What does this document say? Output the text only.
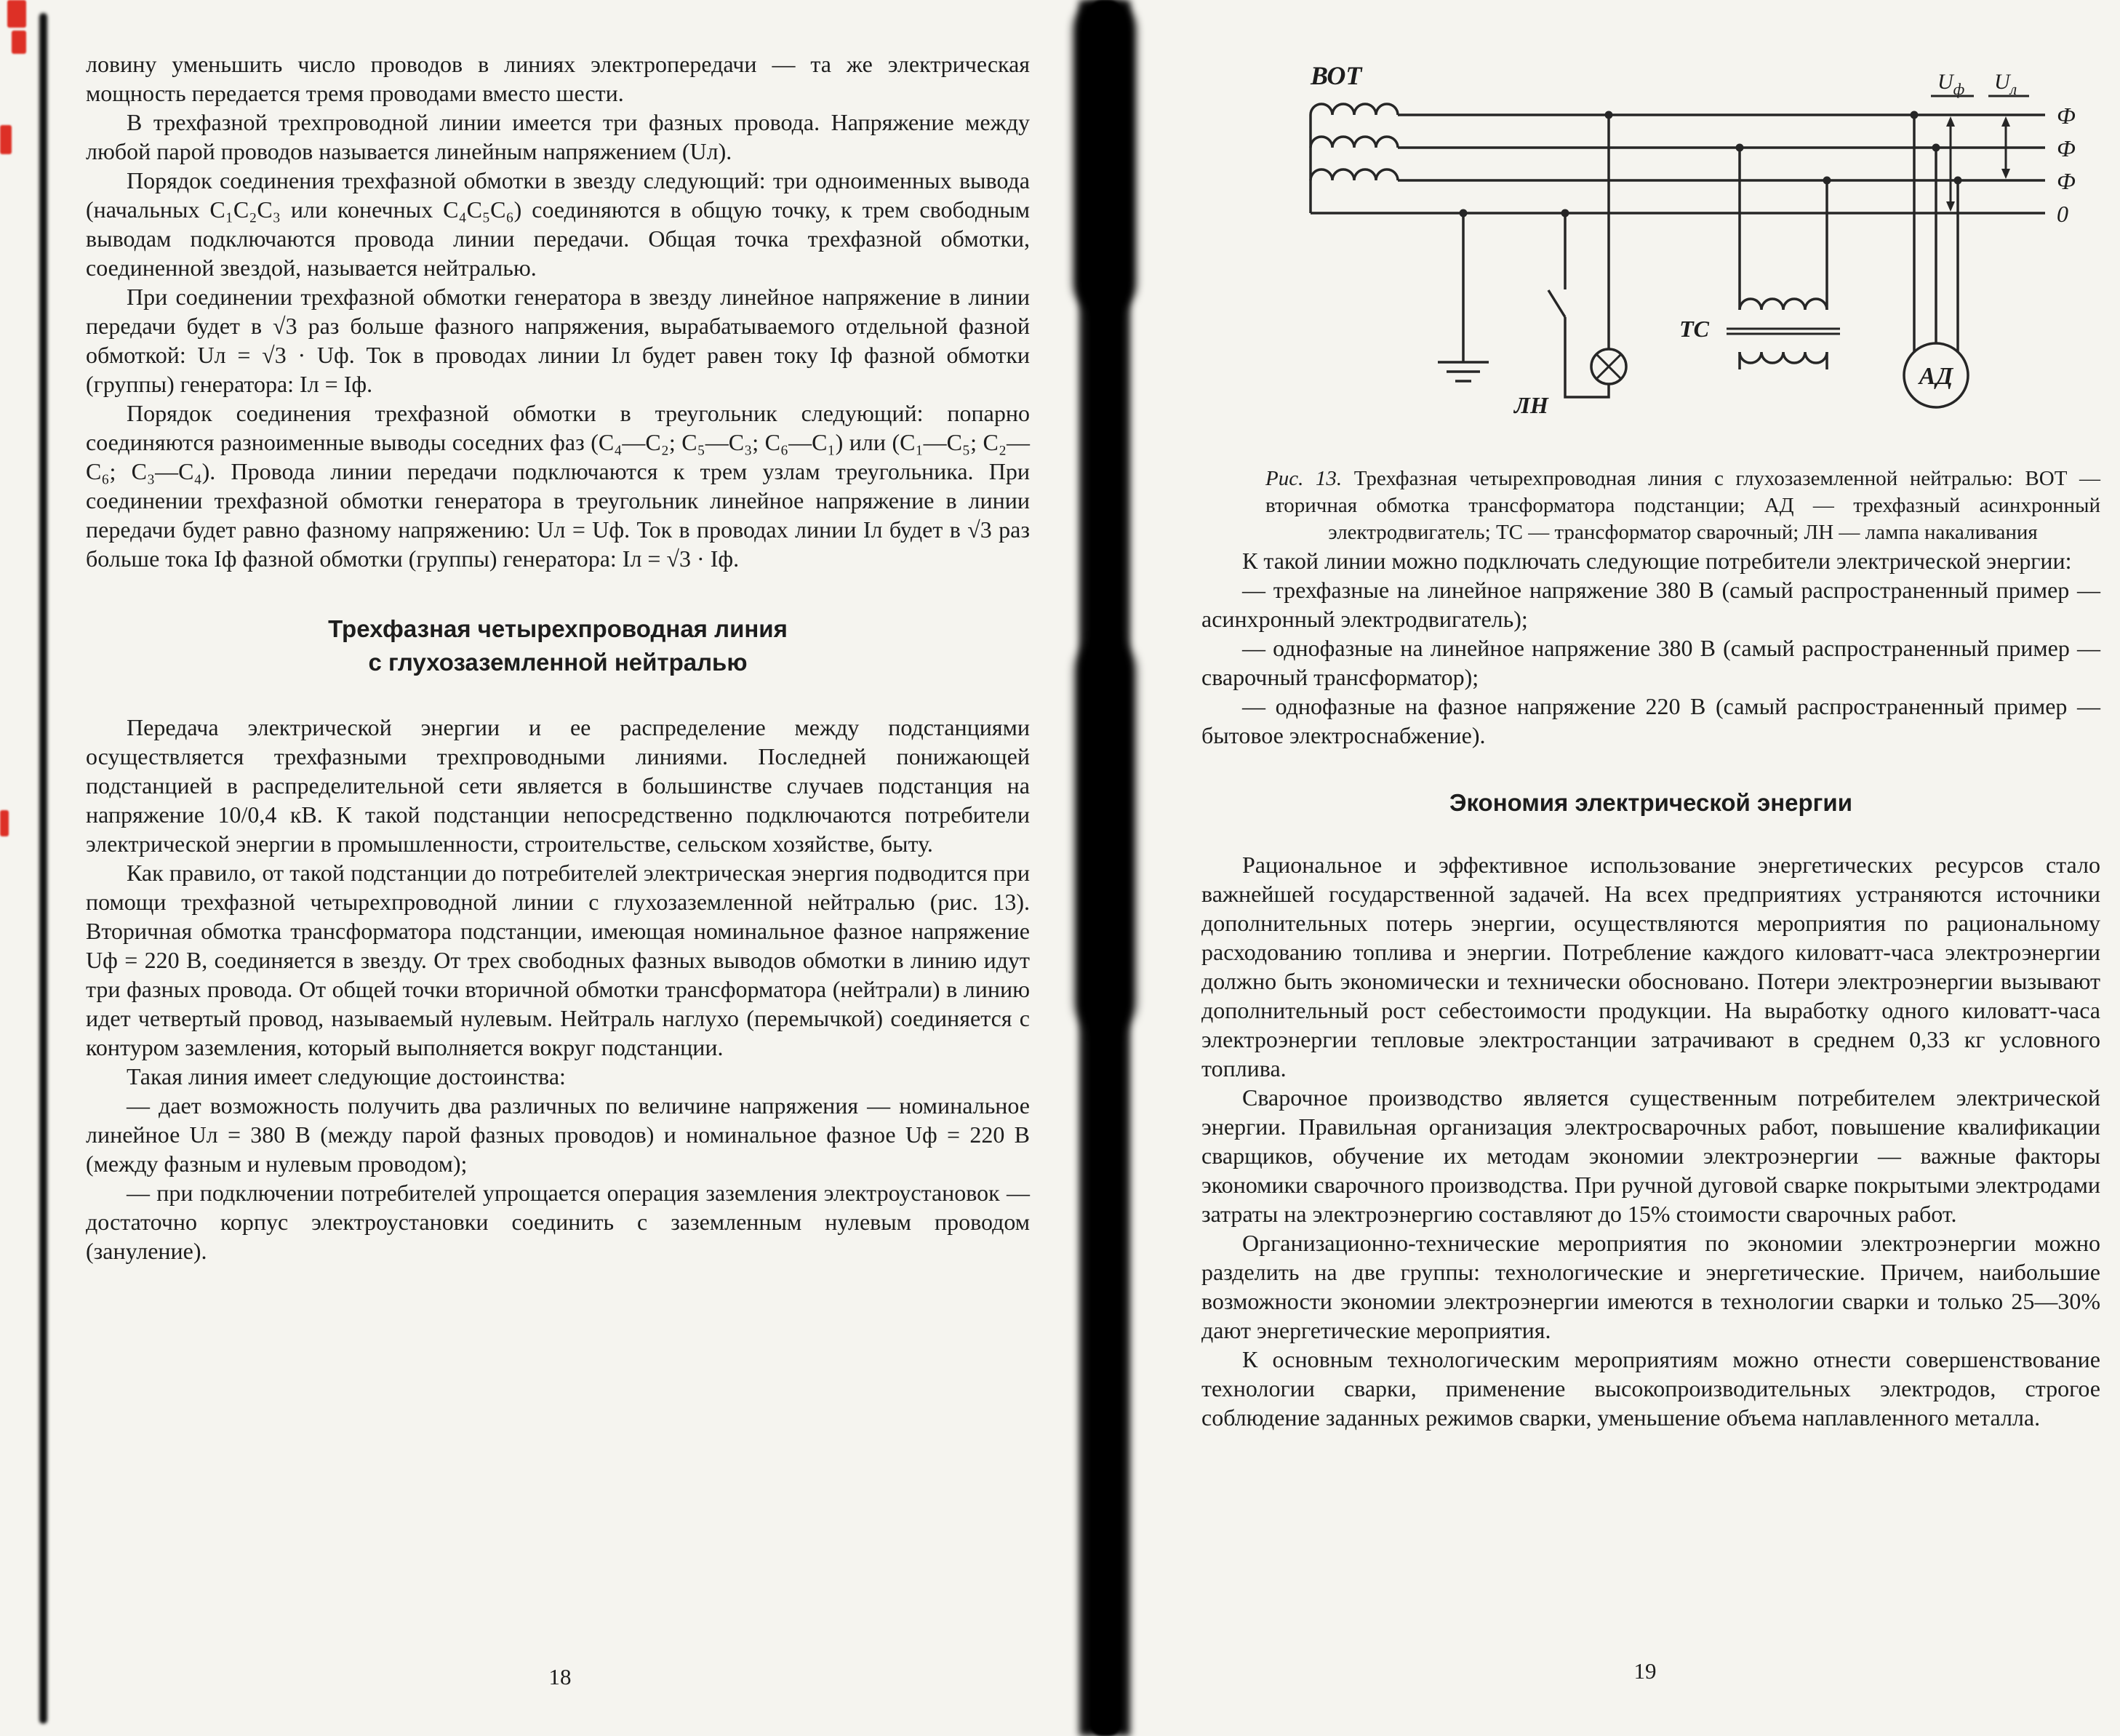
ловину уменьшить число проводов в линиях электропередачи — та же электрическая мощность передается тремя проводами вместо шести.

В трехфазной трехпроводной линии имеется три фазных провода. Напряжение между любой парой проводов называется линейным напряжением (Uл).

Порядок соединения трехфазной обмотки в звезду следующий: три одноименных вывода (начальных С₁С₂С₃ или конечных С₄С₅С₆) соединяются в общую точку, к трем свободным выводам подключаются провода линии передачи. Общая точка трехфазной обмотки, соединенной звездой, называется нейтралью.

При соединении трехфазной обмотки генератора в звезду линейное напряжение в линии передачи будет в √3 раз больше фазного напряжения, вырабатываемого отдельной фазной обмоткой: Uл = √3 · Uф. Ток в проводах линии Iл будет равен току Iф фазной обмотки (группы) генератора: Iл = Iф.

Порядок соединения трехфазной обмотки в треугольник следующий: попарно соединяются разноименные выводы соседних фаз (С₄—С₂; С₅—С₃; С₆—С₁) или (С₁—С₅; С₂—С₆; С₃—С₄). Провода линии передачи подключаются к трем узлам треугольника. При соединении трехфазной обмотки генератора в треугольник линейное напряжение в линии передачи будет равно фазному напряжению: Uл = Uф. Ток в проводах линии Iл будет в √3 раз больше тока Iф фазной обмотки (группы) генератора: Iл = √3 · Iф.

Трехфазная четырехпроводная линия
с глухозаземленной нейтралью

Передача электрической энергии и ее распределение между подстанциями осуществляется трехфазными трехпроводными линиями. Последней понижающей подстанцией в распределительной сети является в большинстве случаев подстанция на напряжение 10/0,4 кВ. К такой подстанции непосредственно подключаются потребители электрической энергии в промышленности, строительстве, сельском хозяйстве, быту.

Как правило, от такой подстанции до потребителей электрическая энергия подводится при помощи трехфазной четырехпроводной линии с глухозаземленной нейтралью (рис. 13). Вторичная обмотка трансформатора подстанции, имеющая номинальное фазное напряжение Uф = 220 В, соединяется в звезду. От трех свободных фазных выводов обмотки в линию идут три фазных провода. От общей точки вторичной обмотки трансформатора (нейтрали) в линию идет четвертый провод, называемый нулевым. Нейтраль наглухо (перемычкой) соединяется с контуром заземления, который выполняется вокруг подстанции.

Такая линия имеет следующие достоинства:

— дает возможность получить два различных по величине напряжения — номинальное линейное Uл = 380 В (между парой фазных проводов) и номинальное фазное Uф = 220 В (между фазным и нулевым проводом);

— при подключении потребителей упрощается операция заземления электроустановок — достаточно корпус электроустановки соединить с заземленным нулевым проводом (зануление).

ВОТ
Ф
Ф
Ф
0
$U_ф$ $U_л$
ЛН
ТС
АД

Рис. 13. Трехфазная четырехпроводная линия с глухозаземленной нейтралью: ВОТ — вторичная обмотка трансформатора подстанции; АД — трехфазный асинхронный электродвигатель; ТС — трансформатор сварочный; ЛН — лампа накаливания

К такой линии можно подключать следующие потребители электрической энергии:

— трехфазные на линейное напряжение 380 В (самый распространенный пример — асинхронный электродвигатель);

— однофазные на линейное напряжение 380 В (самый распространенный пример — сварочный трансформатор);

— однофазные на фазное напряжение 220 В (самый распространенный пример — бытовое электроснабжение).

Экономия электрической энергии

Рациональное и эффективное использование энергетических ресурсов стало важнейшей государственной задачей. На всех предприятиях устраняются источники дополнительных потерь энергии, осуществляются мероприятия по рациональному расходованию топлива и энергии. Потребление каждого киловатт-часа электроэнергии должно быть экономически и технически обосновано. Потери электроэнергии вызывают дополнительный рост себестоимости продукции. На выработку одного киловатт-часа электроэнергии тепловые электростанции затрачивают в среднем 0,33 кг условного топлива.

Сварочное производство является существенным потребителем электрической энергии. Правильная организация электросварочных работ, повышение квалификации сварщиков, обучение их методам экономии электроэнергии — важные факторы экономики сварочного производства. При ручной дуговой сварке покрытыми электродами затраты на электроэнергию составляют до 15% стоимости сварочных работ.

Организационно-технические мероприятия по экономии электроэнергии можно разделить на две группы: технологические и энергетические. Причем, наибольшие возможности экономии электроэнергии имеются в технологии сварки и только 25—30% дают энергетические мероприятия.

К основным технологическим мероприятиям можно отнести совершенствование технологии сварки, применение высокопроизводительных электродов, строгое соблюдение заданных режимов сварки, уменьшение объема наплавленного металла.

18	19
